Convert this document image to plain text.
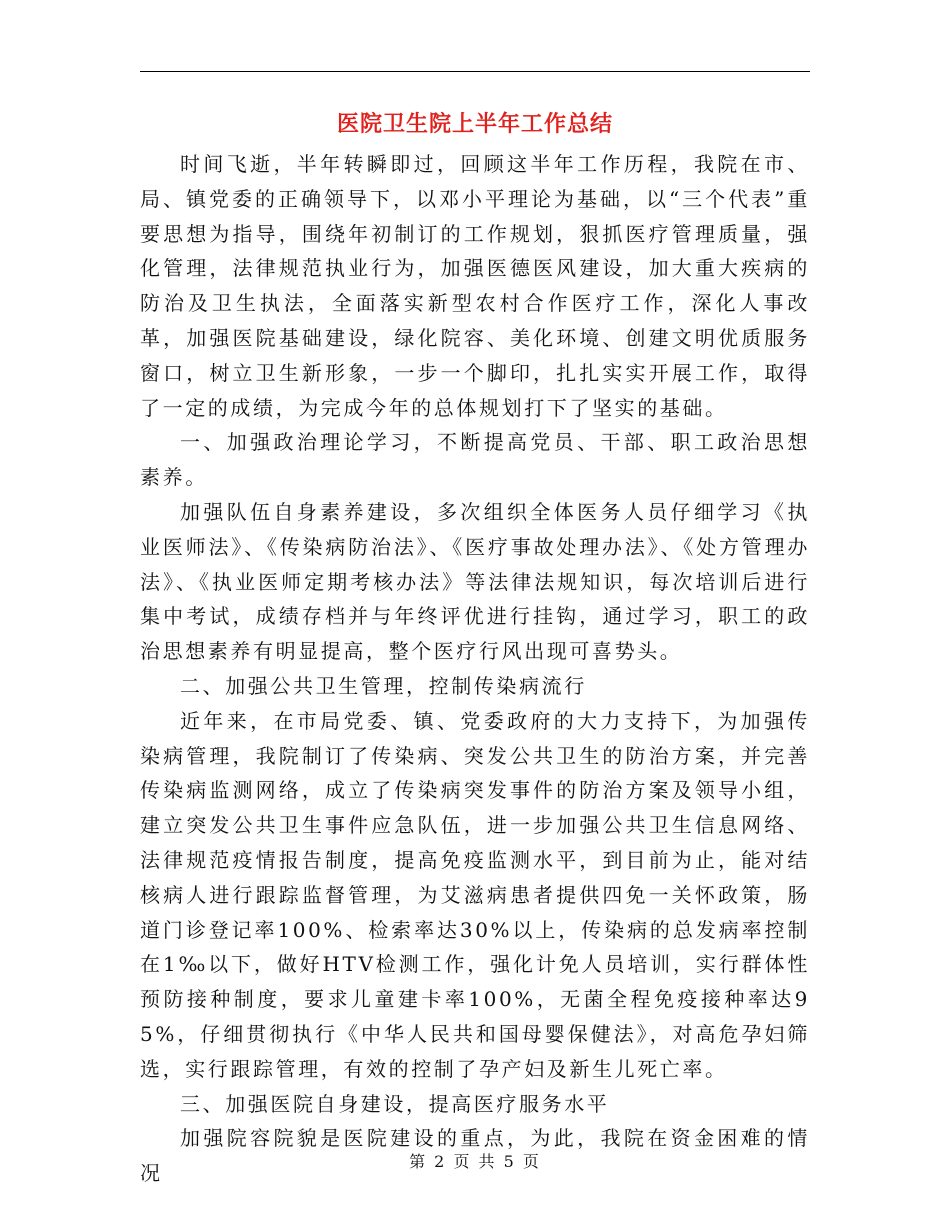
医院卫生院上半年工作总结

时间飞逝，半年转瞬即过，回顾这半年工作历程，我院在市、局、镇党委的正确领导下，以邓小平理论为基础，以“三个代表”重要思想为指导，围绕年初制订的工作规划，狠抓医疗管理质量，强化管理，法律规范执业行为，加强医德医风建设，加大重大疾病的防治及卫生执法，全面落实新型农村合作医疗工作，深化人事改革，加强医院基础建设，绿化院容、美化环境、创建文明优质服务窗口，树立卫生新形象，一步一个脚印，扎扎实实开展工作，取得了一定的成绩，为完成今年的总体规划打下了坚实的基础。

一、加强政治理论学习，不断提高党员、干部、职工政治思想素养。

加强队伍自身素养建设，多次组织全体医务人员仔细学习《执业医师法》、《传染病防治法》、《医疗事故处理办法》、《处方管理办法》、《执业医师定期考核办法》等法律法规知识，每次培训后进行集中考试，成绩存档并与年终评优进行挂钩，通过学习，职工的政治思想素养有明显提高，整个医疗行风出现可喜势头。

二、加强公共卫生管理，控制传染病流行

近年来，在市局党委、镇、党委政府的大力支持下，为加强传染病管理，我院制订了传染病、突发公共卫生的防治方案，并完善传染病监测网络，成立了传染病突发事件的防治方案及领导小组，建立突发公共卫生事件应急队伍，进一步加强公共卫生信息网络、法律规范疫情报告制度，提高免疫监测水平，到目前为止，能对结核病人进行跟踪监督管理，为艾滋病患者提供四免一关怀政策，肠道门诊登记率100%、检索率达30%以上，传染病的总发病率控制在1‰以下，做好HTV检测工作，强化计免人员培训，实行群体性预防接种制度，要求儿童建卡率100%，无菌全程免疫接种率达95%，仔细贯彻执行《中华人民共和国母婴保健法》，对高危孕妇筛选，实行跟踪管理，有效的控制了孕产妇及新生儿死亡率。

三、加强医院自身建设，提高医疗服务水平

加强院容院貌是医院建设的重点，为此，我院在资金困难的情况	第 2 页 共 5 页
